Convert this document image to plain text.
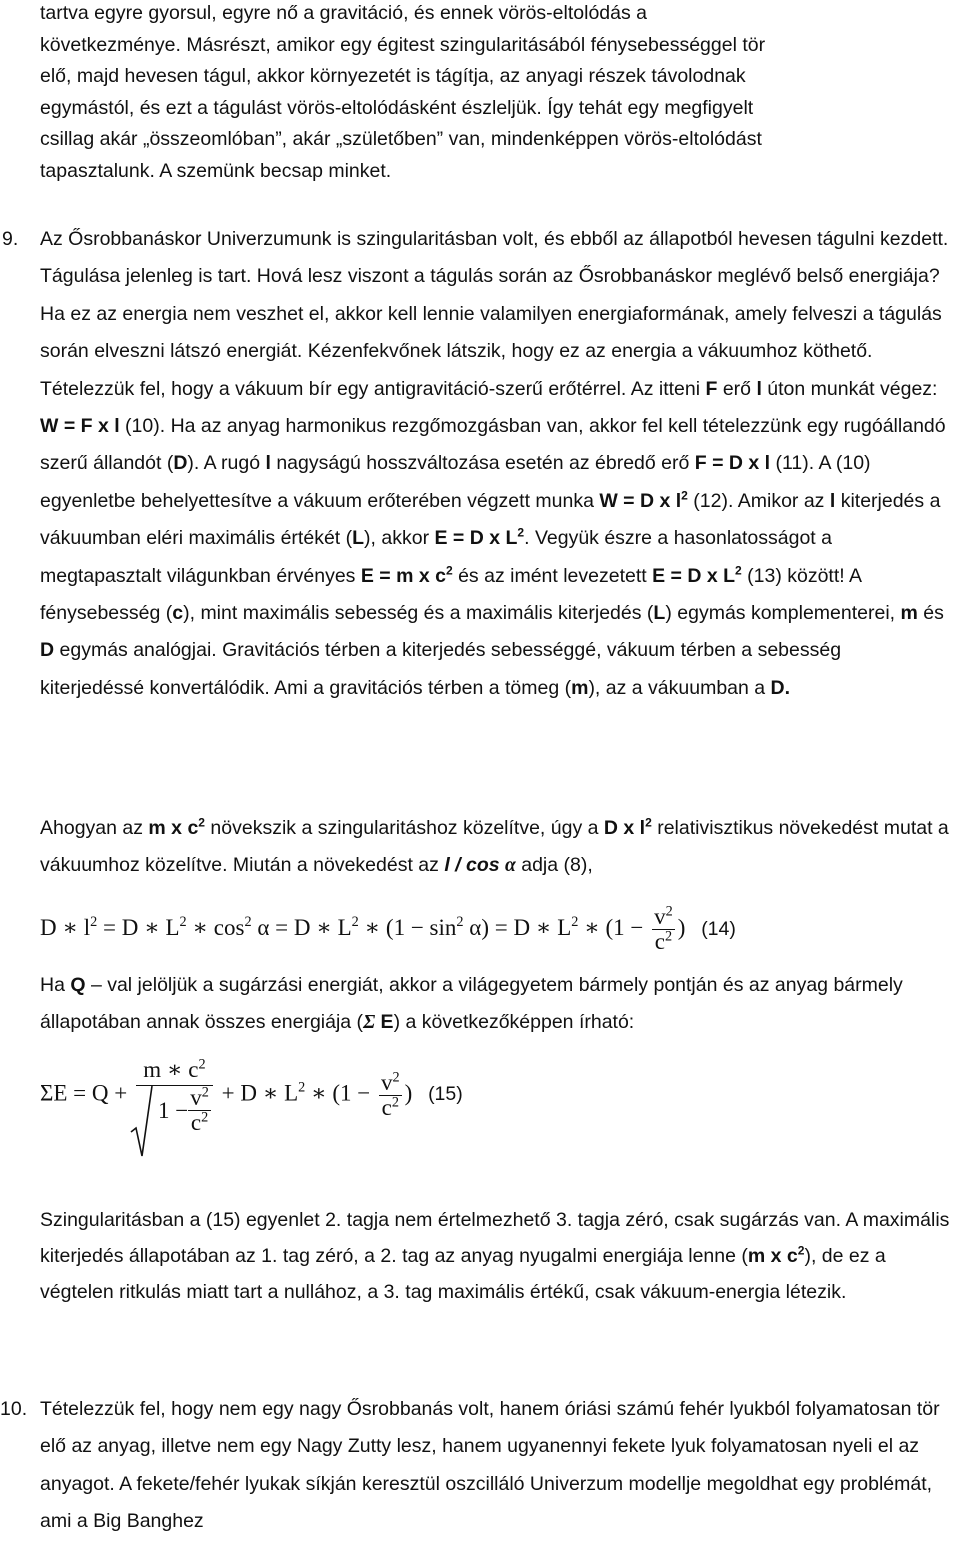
tartva egyre gyorsul, egyre nő a gravitáció, és ennek vörös-eltolódás a
következménye. Másrészt, amikor egy égitest szingularitásából fénysebességgel tör
elő, majd hevesen tágul, akkor környezetét is tágítja, az anyagi részek távolodnak
egymástól, és ezt a tágulást vörös-eltolódásként észleljük. Így tehát egy megfigyelt
csillag akár „összeomlóban”, akár „születőben” van, mindenképpen vörös-eltolódást
tapasztalunk. A szemünk becsap minket.
9. Az Ősrobbanáskor Univerzumunk is szingularitásban volt, és ebből az állapotból hevesen tágulni kezdett. Tágulása jelenleg is tart. Hová lesz viszont a tágulás során az Ősrobbanáskor meglévő belső energiája? Ha ez az energia nem veszhet el, akkor kell lennie valamilyen energiaformának, amely felveszi a tágulás során elveszni látszó energiát. Kézenfekvőnek látszik, hogy ez az energia a vákuumhoz köthető. Tételezzük fel, hogy a vákuum bír egy antigravitáció-szerű erőtérrel. Az itteni F erő l úton munkát végez: W = F x l (10). Ha az anyag harmonikus rezgőmozgásban van, akkor fel kell tételezzünk egy rugóállandó szerű állandót (D). A rugó l nagyságú hosszváltozása esetén az ébredő erő F = D x l (11). A (10) egyenletbe behelyettesítve a vákuum erőterében végzett munka W = D x $l^2$ (12). Amikor az l kiterjedés a vákuumban eléri maximális értékét (L), akkor E = D x $L^2$. Vegyük észre a hasonlatosságot a megtapasztalt világunkban érvényes E = m x $c^2$ és az imént levezetett E = D x $L^2$ (13) között! A fénysebesség (c), mint maximális sebesség és a maximális kiterjedés (L) egymás komplementerei, m és D egymás analógjai. Gravitációs térben a kiterjedés sebességgé, vákuum térben a sebesség kiterjedéssé konvertálódik. Ami a gravitációs térben a tömeg (m), az a vákuumban a D.

Ahogyan az m x $c^2$ növekszik a szingularitáshoz közelítve, úgy a D x $l^2$ relativisztikus növekedést mutat a vákuumhoz közelítve. Miután a növekedést az l / cos α adja (8),

D ∗ $l^2 = D$ ∗ $L^2$ ∗ $\cos^2 \alpha = D$ ∗ $L^2$ ∗ $(1 - \sin^2 \alpha) = D$ ∗ $L^2$ ∗ ($1 - \frac{v^2}{c^2}$ ) (14)

Ha Q – val jelöljük a sugárzási energiát, akkor a világegyetem bármely pontján és az anyag bármely állapotában annak összes energiája (Σ E) a következőképpen írható:

$\Sigma E = Q + \frac{m ∗ c^2}{1 - \frac{v^2}{c^2}} + D$ ∗ $L^2$ ∗ ($1 - \frac{v^2}{c^2}$ ) (15)

Szingularitásban a (15) egyenlet 2. tagja nem értelmezhető 3. tagja zéró, csak sugárzás van. A maximális kiterjedés állapotában az 1. tag zéró, a 2. tag az anyag nyugalmi energiája lenne (m x $c^2$), de ez a végtelen ritkulás miatt tart a nullához, a 3. tag maximális értékű, csak vákuum-energia létezik.

10. Tételezzük fel, hogy nem egy nagy Ősrobbanás volt, hanem óriási számú fehér lyukból folyamatosan tör elő az anyag, illetve nem egy Nagy Zutty lesz, hanem ugyanennyi fekete lyuk folyamatosan nyeli el az anyagot. A fekete/fehér lyukak síkján keresztül oszcilláló Univerzum modellje megoldhat egy problémát, ami a Big Banghez
